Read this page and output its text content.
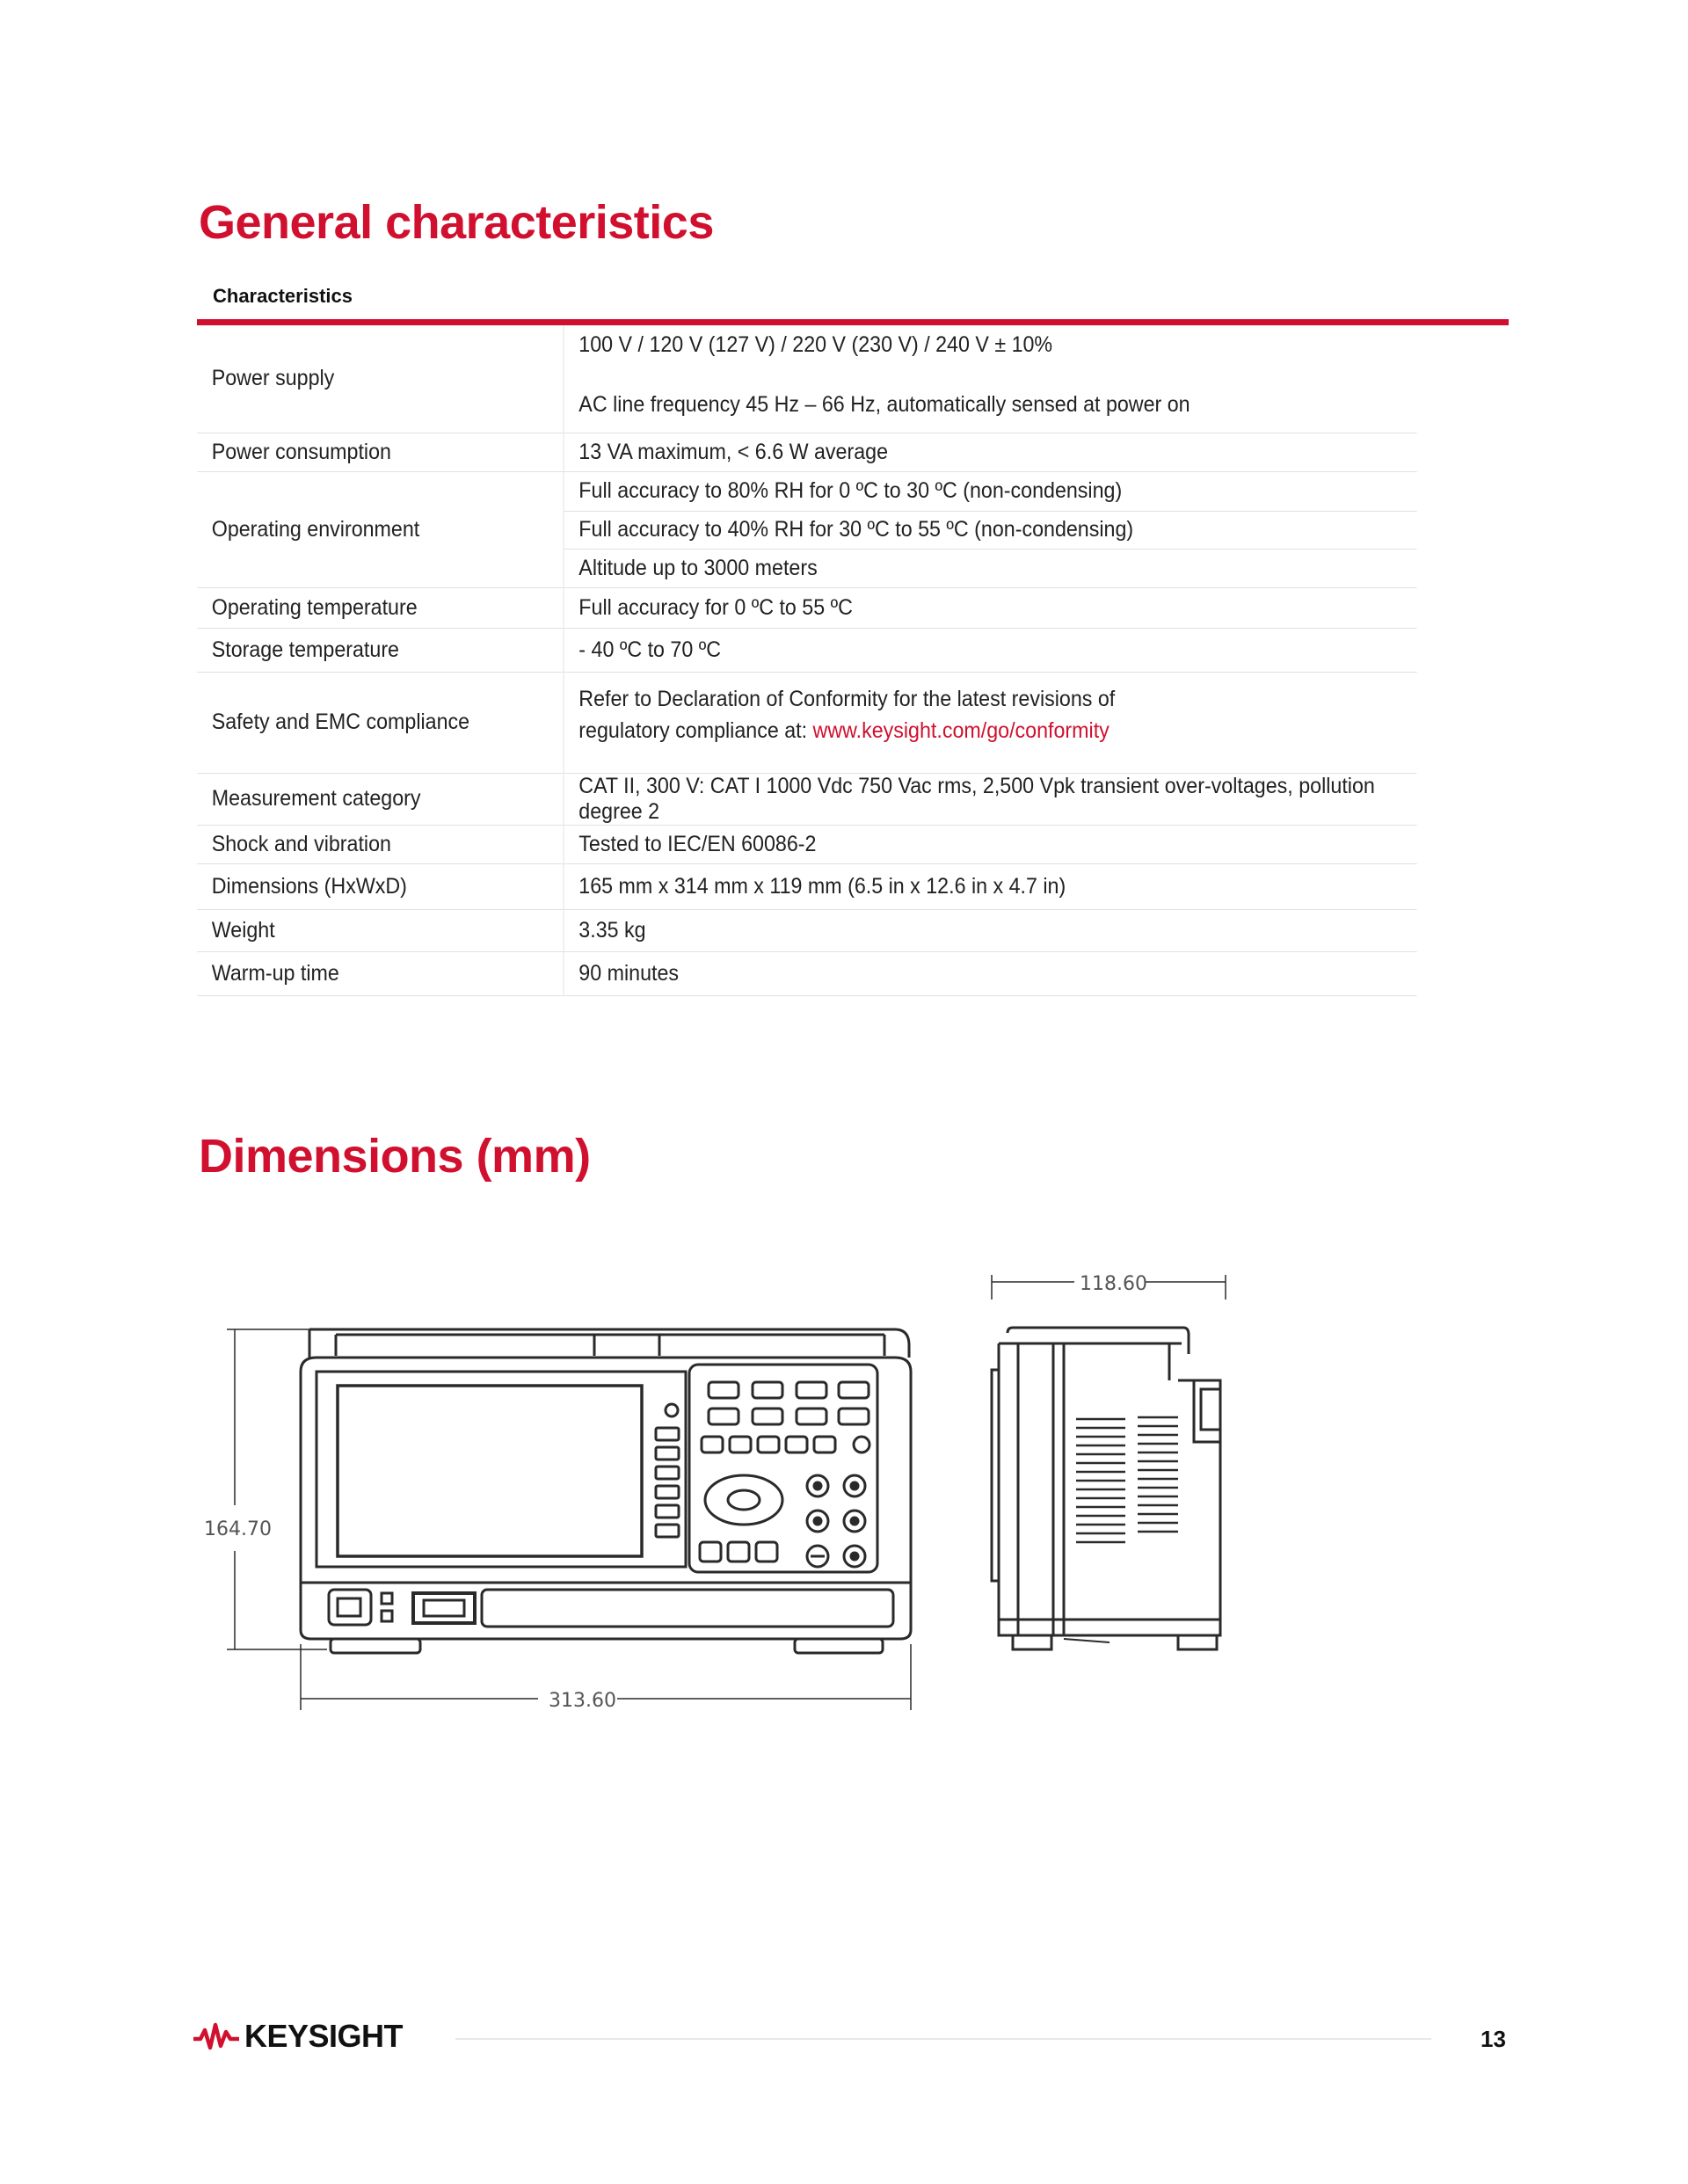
General characteristics
Characteristics
Power supply	100 V / 120 V (127 V) / 220 V (230 V) / 240 V ± 10%
AC line frequency 45 Hz – 66 Hz, automatically sensed at power on

Power consumption	13 VA maximum, < 6.6 W average
Operating environment	Full accuracy to 80% RH for 0 ºC to 30 ºC (non-condensing)
	Full accuracy to 40% RH for 30 ºC to 55 ºC (non-condensing)
	Altitude up to 3000 meters
Operating temperature	Full accuracy for 0 ºC to 55 ºC
Storage temperature	- 40 ºC to 70 ºC
Safety and EMC compliance	Refer to Declaration of Conformity for the latest revisions of
regulatory compliance at: www.keysight.com/go/conformity

Measurement category	CAT II, 300 V: CAT I 1000 Vdc 750 Vac rms, 2,500 Vpk transient over-voltages, pollution degree 2
Shock and vibration	Tested to IEC/EN 60086-2
Dimensions (HxWxD)	165 mm x 314 mm x 119 mm (6.5 in x 12.6 in x 4.7 in)
Weight	3.35 kg
Warm-up time	90 minutes
Dimensions (mm)
164.70
313.60
118.60
KEYSIGHT	13
